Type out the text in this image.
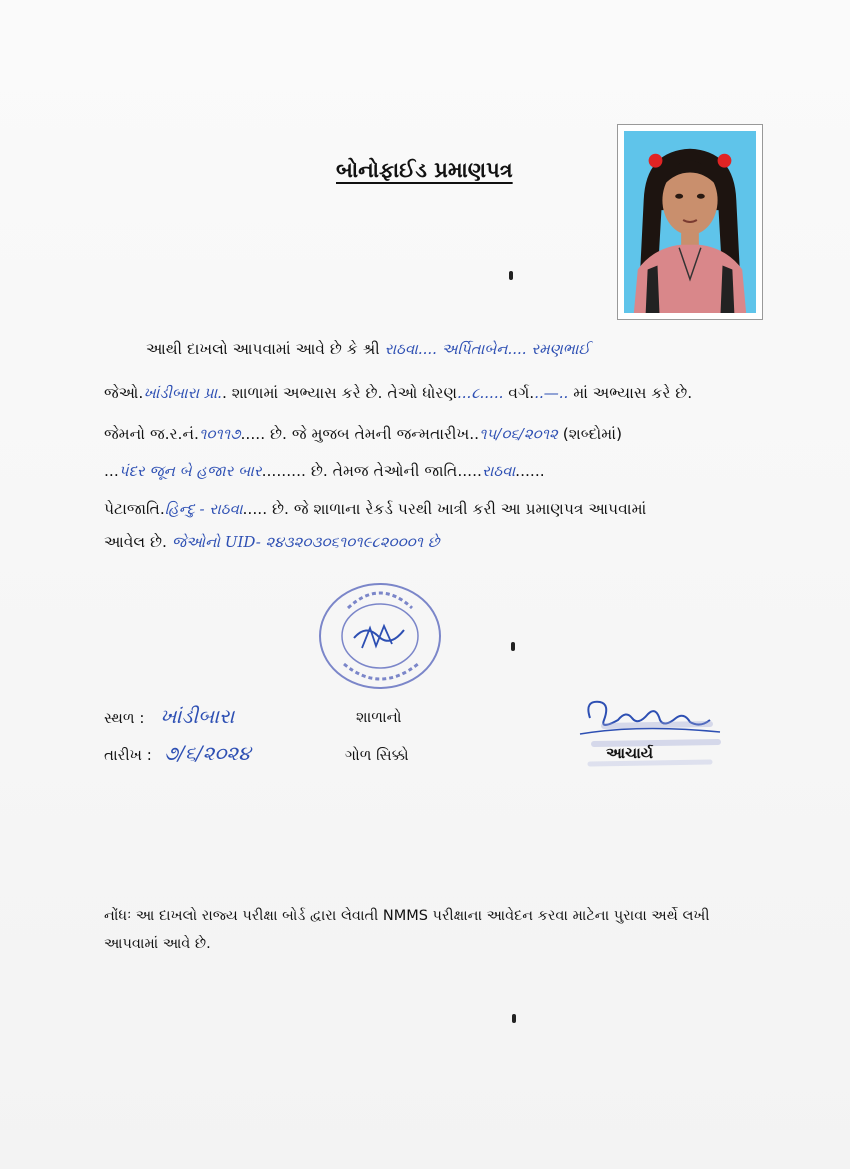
બોનોફાઈડ પ્રમાણપત્ર
આથી દાખલો આપવામાં આવે છે કે શ્રી રાઠવા.... અર્પિતાબેન.... રમણભાઈ
જેઓ.ખાંડીબારા પ્રા.. શાળામાં અભ્યાસ કરે છે. તેઓ ધોરણ...૮..... વર્ગ...—.. માં અભ્યાસ કરે છે.
જેમનો જ.ર.નં.૧૦૧૧૭..... છે. જે મુજબ તેમની જન્મતારીખ..૧૫/૦૬/૨૦૧૨ (શબ્દોમાં)
...પંદર જૂન બે હજાર બાર......... છે. તેમજ તેઓની જાતિ.....રાઠવા......
પેટાજાતિ.હિન્દુ - રાઠવા..... છે. જે શાળાના રેકર્ડ પરથી ખાત્રી કરી આ પ્રમાણપત્ર આપવામાં
આવેલ છે. જેઓનો UID- ૨૪૩૨૦૩૦૬૧૦૧૯૮૨૦૦૦૧ છે
સ્થળ : ખાંડીબારા
તારીખ : ૭/૬/૨૦૨૪
શાળાનો
ગોળ સિક્કો	આચાર્ય
નોંધઃ આ દાખલો રાજ્ય પરીક્ષા બોર્ડ દ્વારા લેવાતી NMMS પરીક્ષાના આવેદન કરવા માટેના પુરાવા અર્થે લખી આપવામાં આવે છે.
